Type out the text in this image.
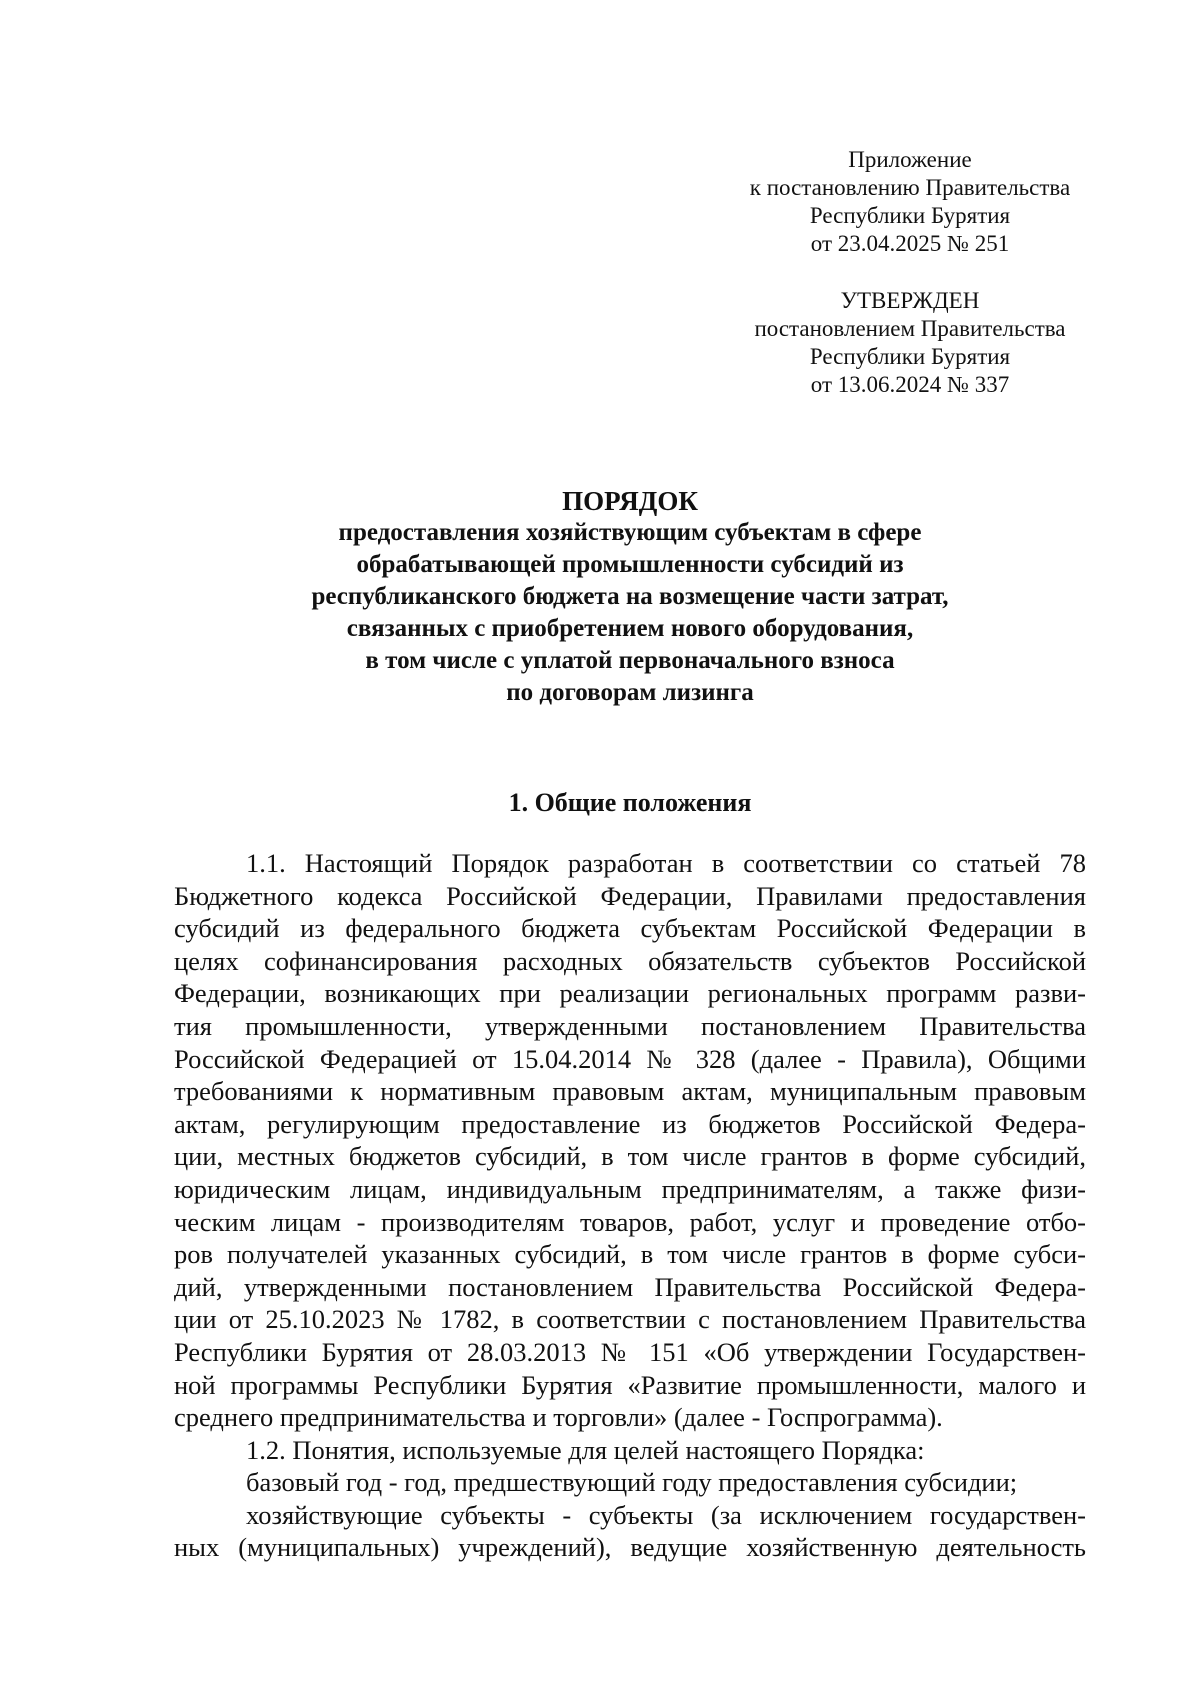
Приложение
к постановлению Правительства
Республики Бурятия
от 23.04.2025 № 251
УТВЕРЖДЕН
постановлением Правительства
Республики Бурятия
от 13.06.2024 № 337
ПОРЯДОК
предоставления хозяйствующим субъектам в сфере
обрабатывающей промышленности субсидий из
республиканского бюджета на возмещение части затрат,
связанных с приобретением нового оборудования,
в том числе с уплатой первоначального взноса
по договорам лизинга
1. Общие положения
1.1. Настоящий Порядок разработан в соответствии со статьей 78
Бюджетного кодекса Российской Федерации, Правилами предоставления
субсидий из федерального бюджета субъектам Российской Федерации в
целях софинансирования расходных обязательств субъектов Российской
Федерации, возникающих при реализации региональных программ разви-
тия промышленности, утвержденными постановлением Правительства
Российской Федерацией от 15.04.2014 № 328 (далее - Правила), Общими
требованиями к нормативным правовым актам, муниципальным правовым
актам, регулирующим предоставление из бюджетов Российской Федера-
ции, местных бюджетов субсидий, в том числе грантов в форме субсидий,
юридическим лицам, индивидуальным предпринимателям, а также физи-
ческим лицам - производителям товаров, работ, услуг и проведение отбо-
ров получателей указанных субсидий, в том числе грантов в форме субси-
дий, утвержденными постановлением Правительства Российской Федера-
ции от 25.10.2023 № 1782, в соответствии с постановлением Правительства
Республики Бурятия от 28.03.2013 № 151 «Об утверждении Государствен-
ной программы Республики Бурятия «Развитие промышленности, малого и
среднего предпринимательства и торговли» (далее - Госпрограмма).
1.2. Понятия, используемые для целей настоящего Порядка:
базовый год - год, предшествующий году предоставления субсидии;
хозяйствующие субъекты - субъекты (за исключением государствен-
ных (муниципальных) учреждений), ведущие хозяйственную деятельность
